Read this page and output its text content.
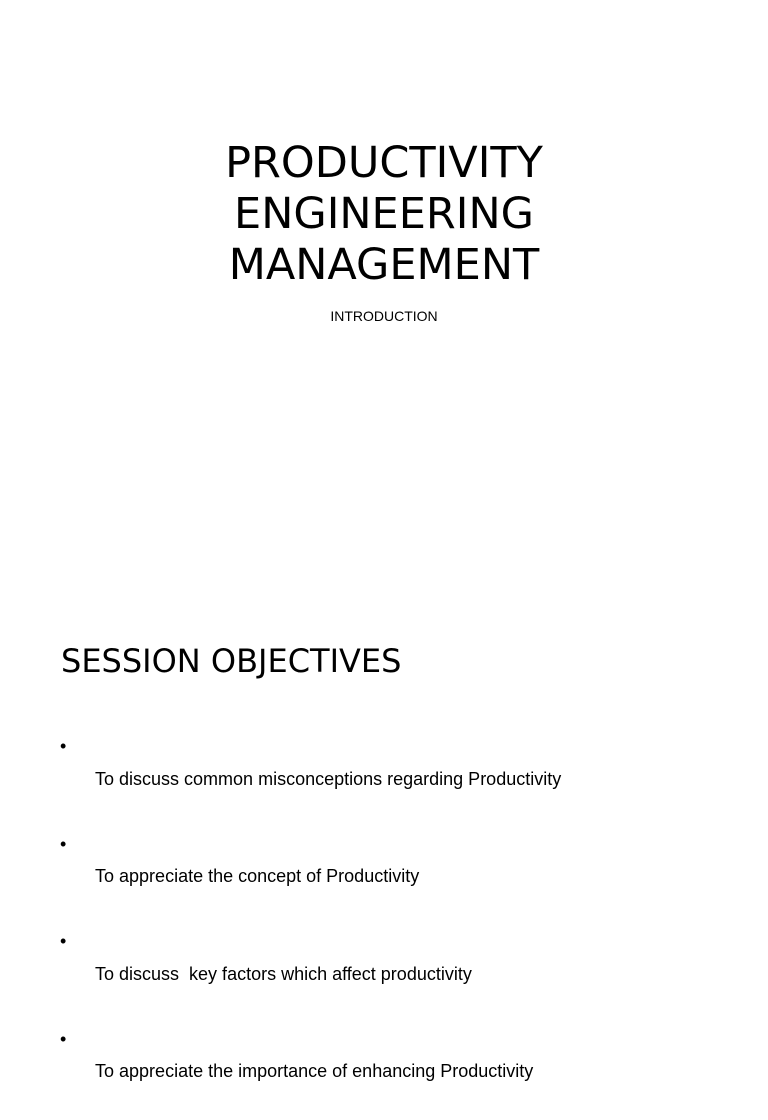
PRODUCTIVITY
ENGINEERING
MANAGEMENT
INTRODUCTION
SESSION OBJECTIVES

•
To discuss common misconceptions regarding Productivity

•
To appreciate the concept of Productivity

•
To discuss  key factors which affect productivity

•
To appreciate the importance of enhancing Productivity
